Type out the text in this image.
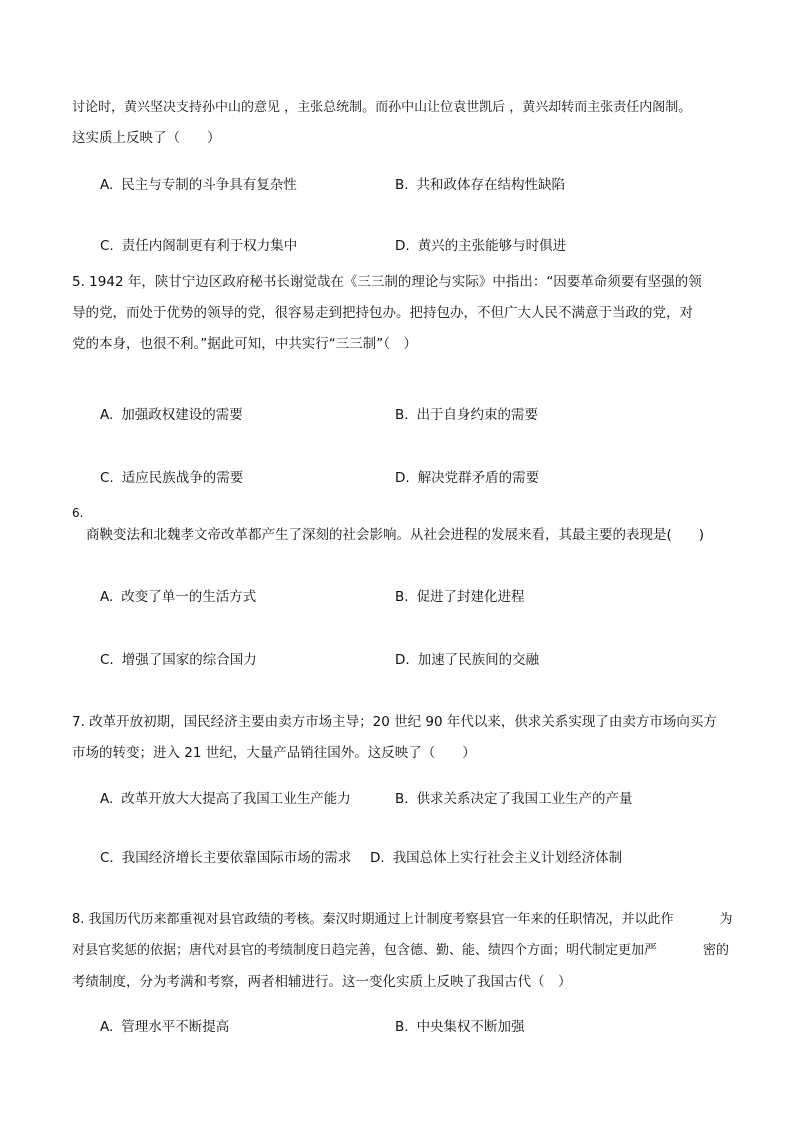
讨论时，黄兴坚决支持孙中山的意见 ，主张总统制。而孙中山让位袁世凯后 ，黄兴却转而主张责任内阁制。
这实质上反映了（　　）
A. 民主与专制的斗争具有复杂性	B. 共和政体存在结构性缺陷
C. 责任内阁制更有利于权力集中	D. 黄兴的主张能够与时俱进
5. 1942 年，陕甘宁边区政府秘书长谢觉哉在《三三制的理论与实际》中指出：“因要革命须要有坚强的领
导的党，而处于优势的领导的党，很容易走到把持包办。把持包办，不但广大人民不满意于当政的党，对
党的本身，也很不利。”据此可知，中共实行“三三制”（　）
A. 加强政权建设的需要	B. 出于自身约束的需要
C. 适应民族战争的需要	D. 解决党群矛盾的需要
6.
商鞅变法和北魏孝文帝改革都产生了深刻的社会影响。从社会进程的发展来看，其最主要的表现是(　　)
A. 改变了单一的生活方式	B. 促进了封建化进程
C. 增强了国家的综合国力	D. 加速了民族间的交融
7. 改革开放初期，国民经济主要由卖方市场主导；20 世纪 90 年代以来，供求关系实现了由卖方市场向买方
市场的转变；进入 21 世纪，大量产品销往国外。这反映了（　　）
A. 改革开放大大提高了我国工业生产能力	B. 供求关系决定了我国工业生产的产量
C. 我国经济增长主要依靠国际市场的需求 D. 我国总体上实行社会主义计划经济体制
8. 我国历代历来都重视对县官政绩的考核。秦汉时期通过上计制度考察县官一年来的任职情况，并以此作	为
对县官奖惩的依据；唐代对县官的考绩制度日趋完善，包含德、勤、能、绩四个方面；明代制定更加严	密的
考绩制度，分为考满和考察，两者相辅进行。这一变化实质上反映了我国古代（　）
A. 管理水平不断提高	B. 中央集权不断加强
